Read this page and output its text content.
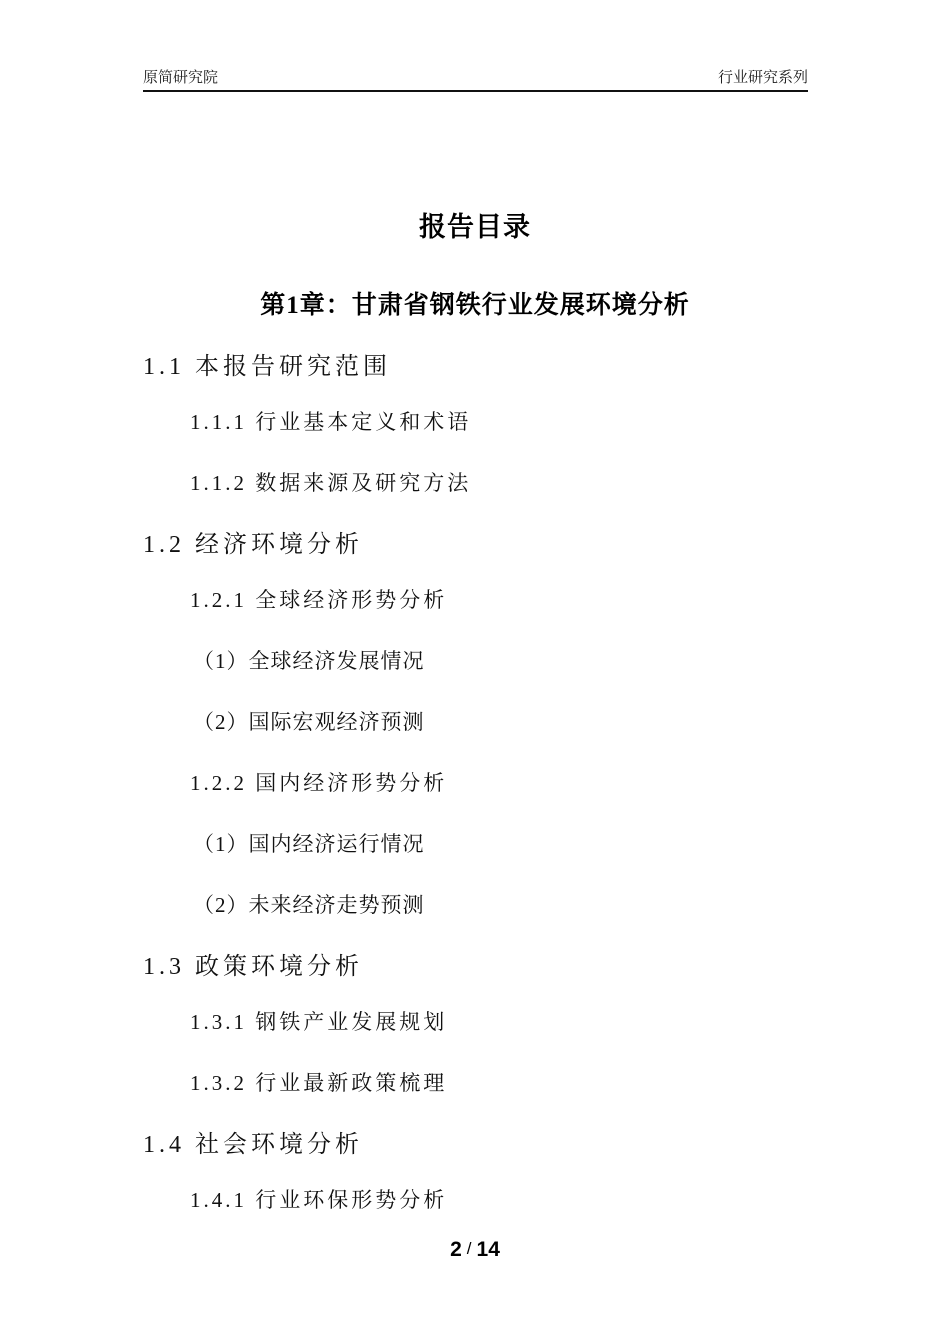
原简研究院	行业研究系列
报告目录
第1章：甘肃省钢铁行业发展环境分析
1.1 本报告研究范围
1.1.1 行业基本定义和术语
1.1.2 数据来源及研究方法
1.2 经济环境分析
1.2.1 全球经济形势分析
（1）全球经济发展情况
（2）国际宏观经济预测
1.2.2 国内经济形势分析
（1）国内经济运行情况
（2）未来经济走势预测
1.3 政策环境分析
1.3.1 钢铁产业发展规划
1.3.2 行业最新政策梳理
1.4 社会环境分析
1.4.1 行业环保形势分析
2 / 14
